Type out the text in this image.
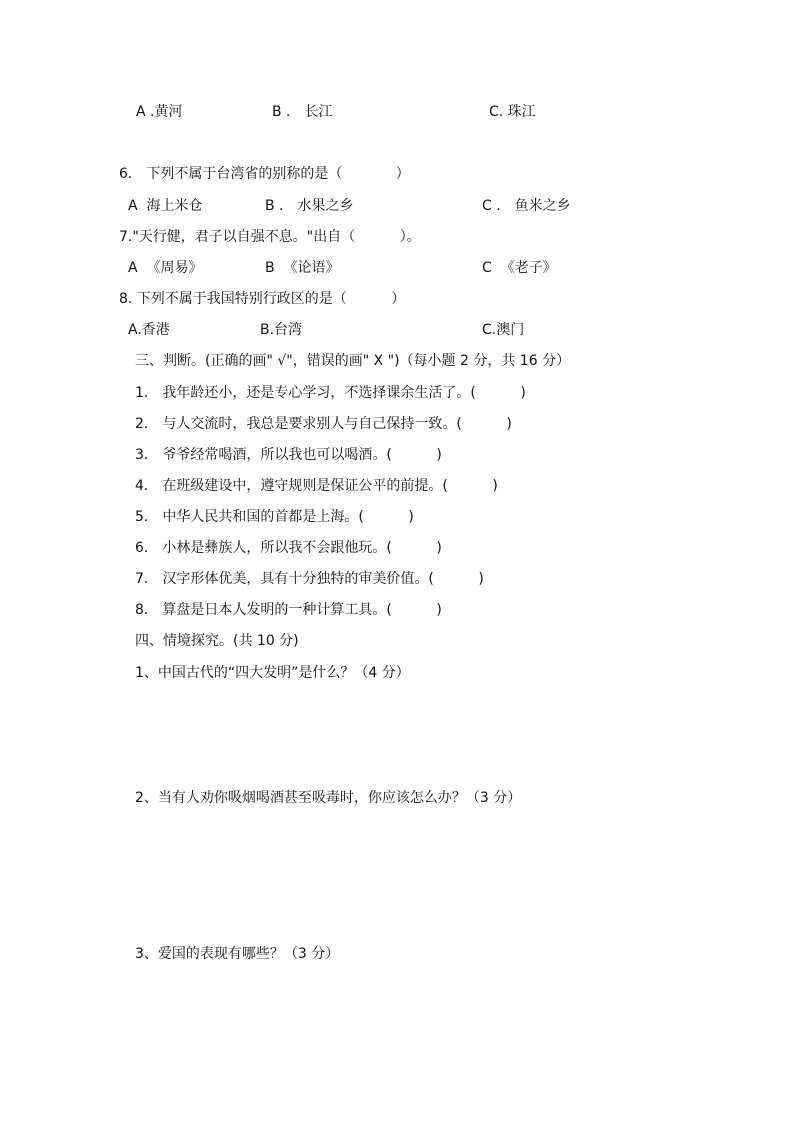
A .黄河	B ． 长江	C. 珠江
6． 下列不属于台湾省的别称的是（            ）
A  海上米仓	B ． 水果之乡	C ． 鱼米之乡
7."天行健，君子以自强不息。"出自（          ）。
A  《周易》	B  《论语》	C  《老子》
8. 下列不属于我国特别行政区的是（          ）
A.香港	B.台湾	C.澳门
三、判断。(正确的画" √"，错误的画" X ")（每小题 2 分，共 16 分）
1． 我年龄还小，还是专心学习，不选择课余生活了。(          )
2． 与人交流时，我总是要求别人与自己保持一致。(          )
3． 爷爷经常喝酒，所以我也可以喝酒。(          )
4． 在班级建设中，遵守规则是保证公平的前提。(          )
5． 中华人民共和国的首都是上海。(          )
6． 小林是彝族人，所以我不会跟他玩。(          )
7． 汉字形体优美，具有十分独特的审美价值。(          )
8． 算盘是日本人发明的一种计算工具。(          )
四、情境探究。(共 10 分)
1、中国古代的“四大发明”是什么？（4 分）
2、当有人劝你吸烟喝酒甚至吸毒时，你应该怎么办？（3 分）
3、爱国的表现有哪些？（3 分）
